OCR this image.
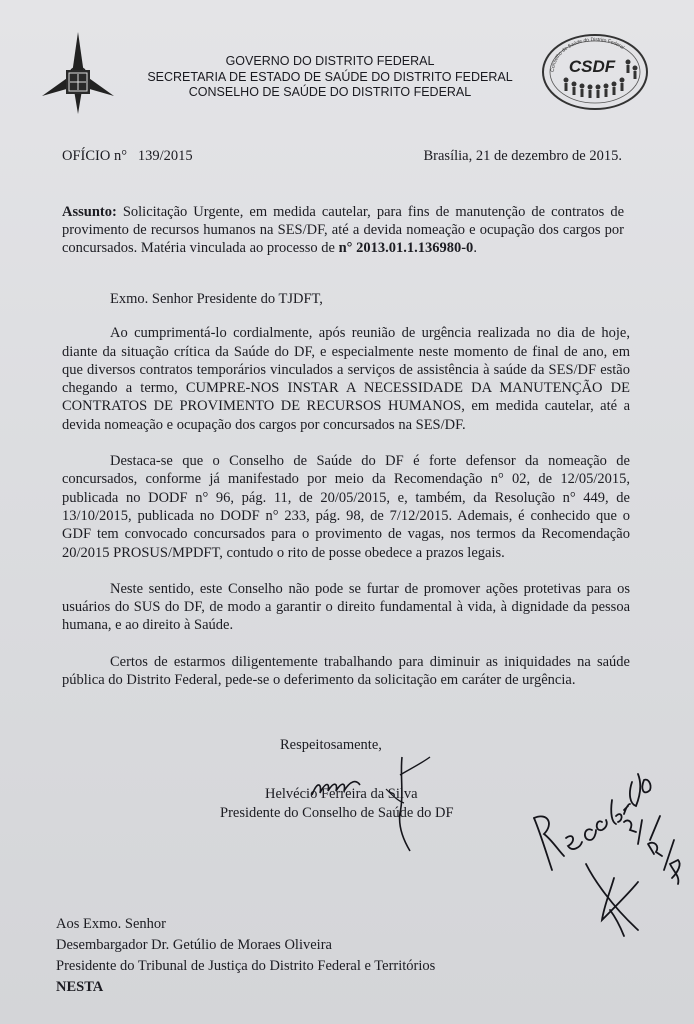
GOVERNO DO DISTRITO FEDERAL
SECRETARIA DE ESTADO DE SAÚDE DO DISTRITO FEDERAL
CONSELHO DE SAÚDE DO DISTRITO FEDERAL
Conselho de Saúde do Distrito Federal
CSDF
OFÍCIO n° 139/2015	Brasília, 21 de dezembro de 2015.
Assunto: Solicitação Urgente, em medida cautelar, para fins de manutenção de contratos de provimento de recursos humanos na SES/DF, até a devida nomeação e ocupação dos cargos por concursados. Matéria vinculada ao processo de n° 2013.01.1.136980-0.
Exmo. Senhor Presidente do TJDFT,
Ao cumprimentá-lo cordialmente, após reunião de urgência realizada no dia de hoje, diante da situação crítica da Saúde do DF, e especialmente neste momento de final de ano, em que diversos contratos temporários vinculados a serviços de assistência à saúde da SES/DF estão chegando a termo, CUMPRE-NOS INSTAR A NECESSIDADE DA MANUTENÇÃO DE CONTRATOS DE PROVIMENTO DE RECURSOS HUMANOS, em medida cautelar, até a devida nomeação e ocupação dos cargos por concursados na SES/DF.
Destaca-se que o Conselho de Saúde do DF é forte defensor da nomeação de concursados, conforme já manifestado por meio da Recomendação n° 02, de 12/05/2015, publicada no DODF n° 96, pág. 11, de 20/05/2015, e, também, da Resolução n° 449, de 13/10/2015, publicada no DODF n° 233, pág. 98, de 7/12/2015. Ademais, é conhecido que o GDF tem convocado concursados para o provimento de vagas, nos termos da Recomendação 20/2015 PROSUS/MPDFT, contudo o rito de posse obedece a prazos legais.
Neste sentido, este Conselho não pode se furtar de promover ações protetivas para os usuários do SUS do DF, de modo a garantir o direito fundamental à vida, à dignidade da pessoa humana, e ao direito à Saúde.
Certos de estarmos diligentemente trabalhando para diminuir as iniquidades na saúde pública do Distrito Federal, pede-se o deferimento da solicitação em caráter de urgência.
Respeitosamente,
Helvécio Ferreira da Silva
Presidente do Conselho de Saúde do DF
Aos Exmo. Senhor
Desembargador Dr. Getúlio de Moraes Oliveira
Presidente do Tribunal de Justiça do Distrito Federal e Territórios
NESTA
